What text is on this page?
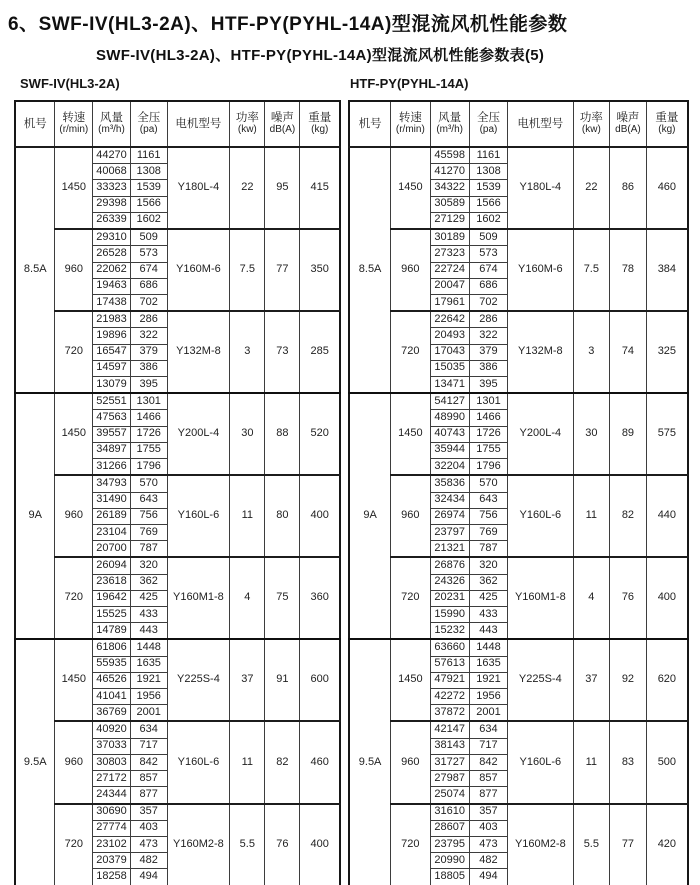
6、SWF-IV(HL3-2A)、HTF-PY(PYHL-14A)型混流风机性能参数
SWF-IV(HL3-2A)、HTF-PY(PYHL-14A)型混流风机性能参数表(5)
SWF-IV(HL3-2A)	HTF-PY(PYHL-14A)
机号	转速
(r/min)

风量
(m³/h)

全压
(pa)	电机型号	功率
(kw)

噪声
dB(A)

重量
(kg)

8.5A	1450	44270	1161	Y180L-4	22	95	415
		40068	1308				
		33323	1539				
		29398	1566				
		26339	1602				
	960	29310	509	Y160M-6	7.5	77	350
		26528	573				
		22062	674				
		19463	686				
		17438	702				
	720	21983	286	Y132M-8	3	73	285
		19896	322				
		16547	379				
		14597	386				
		13079	395				
9A	1450	52551	1301	Y200L-4	30	88	520
		47563	1466				
		39557	1726				
		34897	1755				
		31266	1796				
	960	34793	570	Y160L-6	11	80	400
		31490	643				
		26189	756				
		23104	769				
		20700	787				
	720	26094	320	Y160M1-8	4	75	360
		23618	362				
		19642	425				
		15525	433				
		14789	443				
9.5A	1450	61806	1448	Y225S-4	37	91	600
		55935	1635				
		46526	1921				
		41041	1956				
		36769	2001				
	960	40920	634	Y160L-6	11	82	460
		37033	717				
		30803	842				
		27172	857				
		24344	877				
	720	30690	357	Y160M2-8	5.5	76	400
		27774	403				
		23102	473				
		20379	482				
		18258	494				
机号	转速
(r/min)

风量
(m³/h)

全压
(pa)	电机型号	功率
(kw)

噪声
dB(A)

重量
(kg)

8.5A	1450	45598	1161	Y180L-4	22	86	460
		41270	1308				
		34322	1539				
		30589	1566				
		27129	1602				
	960	30189	509	Y160M-6	7.5	78	384
		27323	573				
		22724	674				
		20047	686				
		17961	702				
	720	22642	286	Y132M-8	3	74	325
		20493	322				
		17043	379				
		15035	386				
		13471	395				
9A	1450	54127	1301	Y200L-4	30	89	575
		48990	1466				
		40743	1726				
		35944	1755				
		32204	1796				
	960	35836	570	Y160L-6	11	82	440
		32434	643				
		26974	756				
		23797	769				
		21321	787				
	720	26876	320	Y160M1-8	4	76	400
		24326	362				
		20231	425				
		15990	433				
		15232	443				
9.5A	1450	63660	1448	Y225S-4	37	92	620
		57613	1635				
		47921	1921				
		42272	1956				
		37872	2001				
	960	42147	634	Y160L-6	11	83	500
		38143	717				
		31727	842				
		27987	857				
		25074	877				
	720	31610	357	Y160M2-8	5.5	77	420
		28607	403				
		23795	473				
		20990	482				
		18805	494				
